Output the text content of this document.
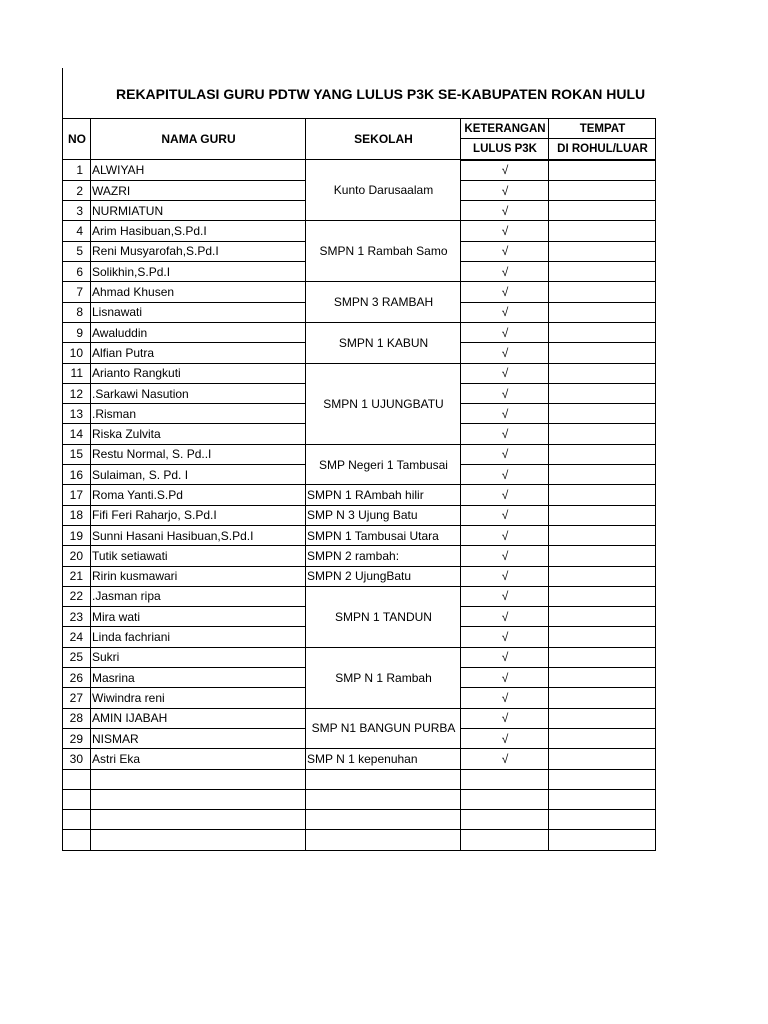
REKAPITULASI GURU PDTW YANG LULUS P3K SE-KABUPATEN ROKAN HULU
NO	NAMA GURU	SEKOLAH	KETERANGAN	TEMPAT
			LULUS P3K	DI ROHUL/LUAR
1	ALWIYAH	Kunto Darusaalam	√	
2	WAZRI		√	
3	NURMIATUN		√	
4	Arim Hasibuan,S.Pd.I	SMPN 1 Rambah Samo	√	
5	Reni Musyarofah,S.Pd.I		√	
6	Solikhin,S.Pd.I		√	
7	Ahmad Khusen	SMPN 3 RAMBAH	√	
8	Lisnawati		√	
9	Awaluddin	SMPN 1 KABUN	√	
10	Alfian Putra		√	
11	Arianto Rangkuti	SMPN 1 UJUNGBATU	√	
12	.Sarkawi Nasution		√	
13	.Risman		√	
14	Riska Zulvita		√	
15	Restu Normal, S. Pd..I	SMP Negeri 1 Tambusai	√	
16	Sulaiman, S. Pd. I		√	
17	Roma Yanti.S.Pd	SMPN 1 RAmbah hilir	√	
18	Fifi Feri Raharjo, S.Pd.I	SMP N 3 Ujung Batu	√	
19	Sunni Hasani Hasibuan,S.Pd.I	SMPN 1 Tambusai Utara	√	
20	Tutik setiawati	SMPN 2 rambah:	√	
21	Ririn kusmawari	SMPN 2 UjungBatu	√	
22	.Jasman ripa	SMPN 1 TANDUN	√	
23	Mira wati		√	
24	Linda fachriani		√	
25	Sukri	SMP N 1 Rambah	√	
26	Masrina		√	
27	Wiwindra reni		√	
28	AMIN IJABAH	SMP N1 BANGUN PURBA	√	
29	NISMAR		√	
30	Astri Eka	SMP N 1 kepenuhan	√	
